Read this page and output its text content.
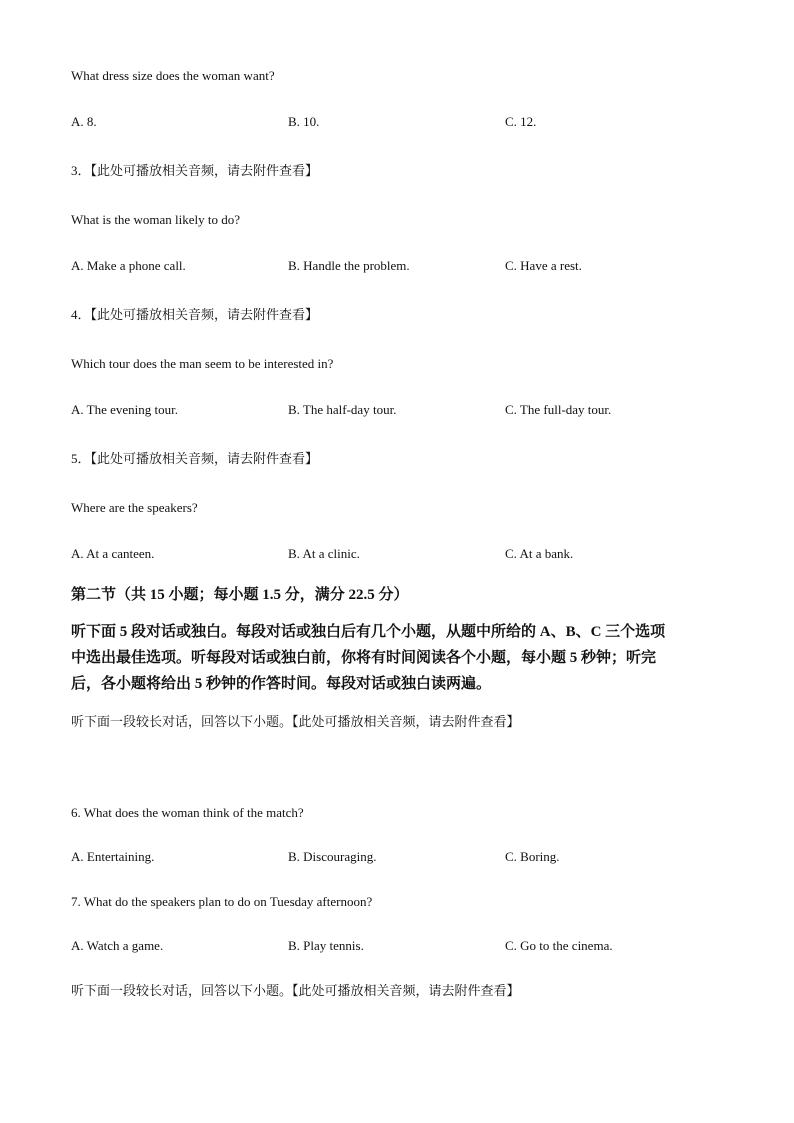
What dress size does the woman want?
A. 8.	B. 10.	C. 12.
3．【此处可播放相关音频，请去附件查看】
What is the woman likely to do?
A. Make a phone call.	B. Handle the problem.	C. Have a rest.
4．【此处可播放相关音频，请去附件查看】
Which tour does the man seem to be interested in?
A. The evening tour.	B. The half-day tour.	C. The full-day tour.
5．【此处可播放相关音频，请去附件查看】
Where are the speakers?
A. At a canteen.	B. At a clinic.	C. At a bank.
第二节（共 15 小题；每小题 1.5 分，满分 22.5 分）

听下面 5 段对话或独白。每段对话或独白后有几个小题，从题中所给的 A、B、C 三个选项

中选出最佳选项。听每段对话或独白前，你将有时间阅读各个小题，每小题 5 秒钟；听完

后，各小题将给出 5 秒钟的作答时间。每段对话或独白读两遍。

听下面一段较长对话，回答以下小题。【此处可播放相关音频，请去附件查看】
6. What does the woman think of the match?
A. Entertaining.	B. Discouraging.	C. Boring.
7. What do the speakers plan to do on Tuesday afternoon?
A. Watch a game.	B. Play tennis.	C. Go to the cinema.
听下面一段较长对话，回答以下小题。【此处可播放相关音频，请去附件查看】
